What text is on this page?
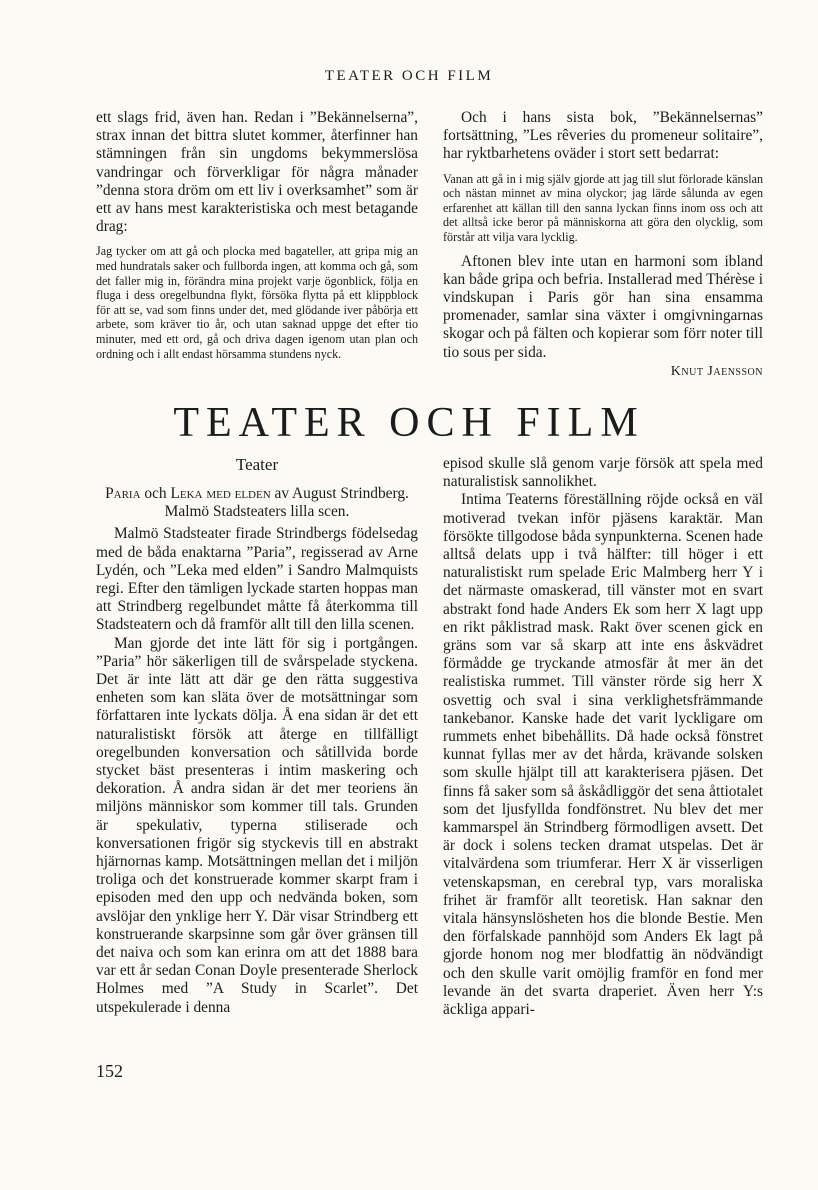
TEATER OCH FILM

ett slags frid, även han. Redan i ”Bekännelserna”, strax innan det bittra slutet kommer, återfinner han stämningen från sin ungdoms bekymmerslösa vandringar och förverkligar för några månader ”denna stora dröm om ett liv i overksamhet” som är ett av hans mest karakteristiska och mest betagande drag:

Jag tycker om att gå och plocka med bagateller, att gripa mig an med hundratals saker och fullborda ingen, att komma och gå, som det faller mig in, förändra mina projekt varje ögonblick, följa en fluga i dess oregelbundna flykt, försöka flytta på ett klippblock för att se, vad som finns under det, med glödande iver påbörja ett arbete, som kräver tio år, och utan saknad uppge det efter tio minuter, med ett ord, gå och driva dagen igenom utan plan och ordning och i allt endast hörsamma stundens nyck.

Och i hans sista bok, ”Bekännelsernas” fortsättning, ”Les rêveries du promeneur solitaire”, har ryktbarhetens oväder i stort sett bedarrat:

Vanan att gå in i mig själv gjorde att jag till slut förlorade känslan och nästan minnet av mina olyckor; jag lärde sålunda av egen erfarenhet att källan till den sanna lyckan finns inom oss och att det alltså icke beror på människorna att göra den olycklig, som förstår att vilja vara lycklig.

Aftonen blev inte utan en harmoni som ibland kan både gripa och befria. Installerad med Thérèse i vindskupan i Paris gör han sina ensamma promenader, samlar sina växter i omgivningarnas skogar och på fälten och kopierar som förr noter till tio sous per sida.

Knut Jaensson

TEATER OCH FILM

Teater

Paria och Leka med elden av August Strindberg. Malmö Stadsteaters lilla scen.

Malmö Stadsteater firade Strindbergs födelsedag med de båda enaktarna ”Paria”, regisserad av Arne Lydén, och ”Leka med elden” i Sandro Malmquists regi. Efter den tämligen lyckade starten hoppas man att Strindberg regelbundet måtte få återkomma till Stadsteatern och då framför allt till den lilla scenen.

Man gjorde det inte lätt för sig i portgången. ”Paria” hör säkerligen till de svårspelade styckena. Det är inte lätt att där ge den rätta suggestiva enheten som kan släta över de motsättningar som författaren inte lyckats dölja. Å ena sidan är det ett naturalistiskt försök att återge en tillfälligt oregelbunden konversation och såtillvida borde stycket bäst presenteras i intim maskering och dekoration. Å andra sidan är det mer teoriens än miljöns människor som kommer till tals. Grunden är spekulativ, typerna stiliserade och konversationen frigör sig styckevis till en abstrakt hjärnornas kamp. Motsättningen mellan det i miljön troliga och det konstruerade kommer skarpt fram i episoden med den upp och nedvända boken, som avslöjar den ynklige herr Y. Där visar Strindberg ett konstruerande skarpsinne som går över gränsen till det naiva och som kan erinra om att det 1888 bara var ett år sedan Conan Doyle presenterade Sherlock Holmes med ”A Study in Scarlet”. Det utspekulerade i denna

episod skulle slå genom varje försök att spela med naturalistisk sannolikhet.

Intima Teaterns föreställning röjde också en väl motiverad tvekan inför pjäsens karaktär. Man försökte tillgodose båda synpunkterna. Scenen hade alltså delats upp i två hälfter: till höger i ett naturalistiskt rum spelade Eric Malmberg herr Y i det närmaste omaskerad, till vänster mot en svart abstrakt fond hade Anders Ek som herr X lagt upp en rikt påklistrad mask. Rakt över scenen gick en gräns som var så skarp att inte ens åskvädret förmådde ge tryckande atmosfär åt mer än det realistiska rummet. Till vänster rörde sig herr X osvettig och sval i sina verklighetsfrämmande tankebanor. Kanske hade det varit lyckligare om rummets enhet bibehållits. Då hade också fönstret kunnat fyllas mer av det hårda, krävande solsken som skulle hjälpt till att karakterisera pjäsen. Det finns få saker som så åskådliggör det sena åttiotalet som det ljusfyllda fondfönstret. Nu blev det mer kammarspel än Strindberg förmodligen avsett. Det är dock i solens tecken dramat utspelas. Det är vitalvärdena som triumferar. Herr X är visserligen vetenskapsman, en cerebral typ, vars moraliska frihet är framför allt teoretisk. Han saknar den vitala hänsynslösheten hos die blonde Bestie. Men den förfalskade pannhöjd som Anders Ek lagt på gjorde honom nog mer blodfattig än nödvändigt och den skulle varit omöjlig framför en fond mer levande än det svarta draperiet. Även herr Y:s äckliga appari-

152
